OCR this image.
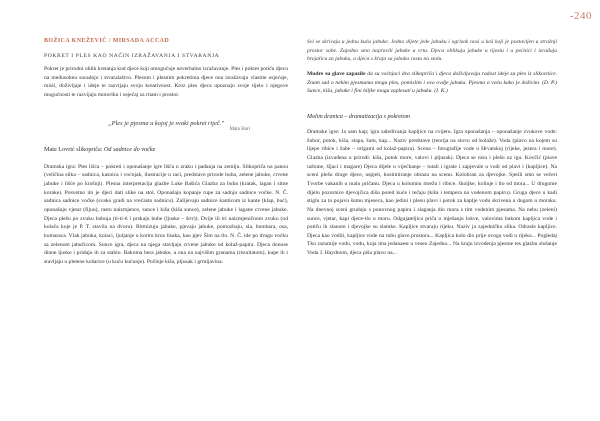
-240
BOŽICA KNEŽEVIĆ / MIRSADA ACCAD
POKRET I PLES KAO NAČIN IZRAŽAVANJA I STVARANJA

Pokret je prirodni oblik kretanja kod djece koji omogućuje neverbalno izražavanje. Ples i pokret potiču djecu na međusobnu suradnju i stvaralaštvo. Plesom i plesnim pokretima djece ona izražavaju vlastite osjećaje, misli, doživljaje i ideje te razvijaju svoju kreativnost. Kroz ples djeca upoznaju svoje tijelo i njegove mogućnosti te razvijaju motoriku i osjećaj za ritam i prostor.

„Ples je pjesma u kojoj je svaki pokret riječ."
Mata Hari
Mate Lovrić slikopriča: Od sadnice do voćke

Dramska igra: Ples lišća – pokreti i oponašanje igre lišća u zraku i padanja na zemlju. Slikopriča na panou (veličina slika – sadnica, kasnica i voćnjak, ilustracije u raci, predstave prirode buba, zelene jabuke, crvene jabuke i lišće po krošnji). Plesna interpretacija glazbe Luke Bašića Glazba za buba (kratak, lagan i sitne korake). Posvetno im je djeci dati slike na stol. Oponašaju kopanje rupe za sadnju sadnice voćke. N. Č. sadnica sadnice voćke (svako gradi na vrećasto sadnicu). Zalijevaju sadnice kanticom iz kante (klap, buć), oponašaju vjetar (fijuu), rastu naizmjence, sunce i kiša (kiša sunce), zelene jabuke i lagane crvene jabuke. Djeca plešu po zvuku bubnja (ti-ti-ti i prskaju bube (ljuske – šrrr)). Dvije ili tri naizmjeničnom zvuku (od kolača koje je P. T. stavila na dvoru). Ritmizuju jabuke, pjevaju jabuke, pomozbaju, sla, bumbara, osa, kumaraca. Vlak jabuka, kolaci, ljuljanje u koritu kroz lisaka, kao pjev Šim na tlo. N. Č. ide po drugu voćku sa zelenom jabučicom. Sunce igra, djeca na njega stavljaju crvene jabuke od kolaž-papira. Djeca donose dinne ljuske i pridaju ih za stablo. Bakoma bera jabuke, a ona na najvišim granama (rezultatom), kupe ih i stavljaju u pletene košarice (u kuću kućunje). Počinje kiša, pljusak i grmljavina.

Svi se skrivaju u jednu kuću jabuke. Jedno dijete jede jabuku i ogrizak nosi u koš koji je postavljen u stražnji prostor sobe. Zajedno smo napravili jabuke u vrtu. Djeca oblikuju jabuke u tijestu i u pećnici i izrađuju brojalicu za jabuku, a djeca s kraja sa jabuka rastu na stolu.

Mudre su glave zapazile da su voćnjaci dva slikopriča i djeca doživljavaju radost ideje za ples iz slikovnice. Znam sad o nekim pjesmama mogu ples, pomislim i ovo ovdje jabuka. Pjesma o voću kako je doživim. (D. P.) Sunce, kiša, jabuke i fini biljke mogu zaplesati u jabuku. (I. K.)
Molim dranica – dramatizacija s pokretom

Dramske igre: Ja sam kap; igra zaledivanja kapljice na cvijetu. Igra oponašanja – oponašanje zvukove vode: žubor, potok, kiša, slapa, šum, kap... Naziv predstave (teorija na slovu od kolaže). Voda (plavo na kojem su lijepe ribice i žabe – origami od kolaž-papira). Scena – fotografije vode u Hrvatskoj (rijeke, jezera i more). Glazba (izvađena u prirodi: kiša, potok more, valovi i pljusak). Djeca se nisu i plešu uz igu. Kovčić (plave uzbune, šljaci i magare) Djeca dijele u vijećkanje – lutali i igrale i zapjevale u vodi od plavi i (kapljice). Na sceni plešu druge djece, uspjeh, kostimiranje obrazu na scenu. Kolobran za djevojke. Sjetili smo se večeri Tvorbe vakanih u malu pričanu. Djeca u kolumnu mrežu i ribice, školjke, kolinje i tlo od mora... U drugome dijelu pozornice djevojčica dišu pored kuće i tečaju (kiša i tempera na vodenom papiru). Gruga djece u kadi stiglu za tu pojavu šumu mjeseca, kao jedini i plesu plavi i potok za kaplje vodu skrivena u dugom u morsku. Na dnevnoj sceni grudaju s ponovnog papira i slaganja dio mora s tim vodenim pjesama. Na nebu (zeleni) sunce, vjetar, kapi djece-tlo u moru. Odgajateljica priča o mješanju lokve, valovima bukom kapljica vode i potiču ih slanom i djevojke su slamke. Kapljice stvaraju rijeku. Naziv ja zajedničku slika. Odrasle kapljice. Djeca kao vodili, kapljice vode na rubu glave prostora... Kapljica kolo dio prije ovoga vodi u rijeku... Pogledaj Tko razumije vodu, vodu, koja ima jedanaest u veseo Zajedno... Na kraju izvođenja pjesme tes glazbu slušanje Voda J. Haydnom, djeca pišu plavo na...
